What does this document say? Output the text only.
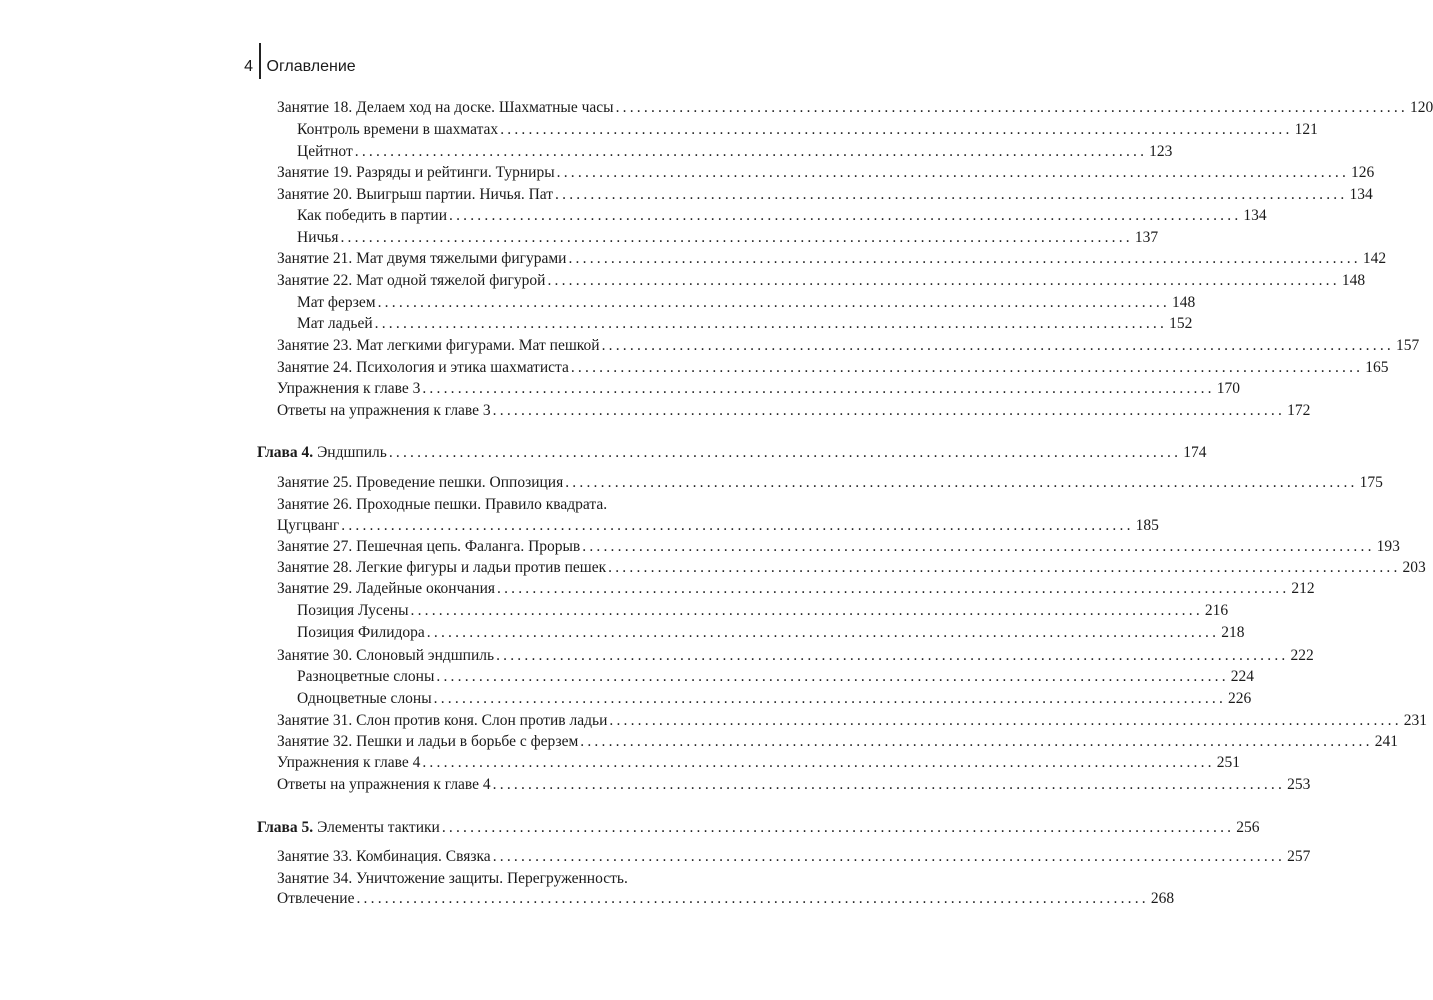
4 Оглавление
Занятие 18. Делаем ход на доске. Шахматные часы ................................................................................................................ 120
Контроль времени в шахматах ................................................................................................................ 121
Цейтнот ................................................................................................................ 123
Занятие 19. Разряды и рейтинги. Турниры ................................................................................................................ 126
Занятие 20. Выигрыш партии. Ничья. Пат ................................................................................................................ 134
Как победить в партии ................................................................................................................ 134
Ничья ................................................................................................................ 137
Занятие 21. Мат двумя тяжелыми фигурами ................................................................................................................ 142
Занятие 22. Мат одной тяжелой фигурой ................................................................................................................ 148
Мат ферзем ................................................................................................................ 148
Мат ладьей ................................................................................................................ 152
Занятие 23. Мат легкими фигурами. Мат пешкой ................................................................................................................ 157
Занятие 24. Психология и этика шахматиста ................................................................................................................ 165
Упражнения к главе 3 ................................................................................................................ 170
Ответы на упражнения к главе 3 ................................................................................................................ 172
Глава 4. Эндшпиль ................................................................................................................ 174
Занятие 25. Проведение пешки. Оппозиция ................................................................................................................ 175
Занятие 26. Проходные пешки. Правило квадрата.
Цугцванг ................................................................................................................ 185
Занятие 27. Пешечная цепь. Фаланга. Прорыв ................................................................................................................ 193
Занятие 28. Легкие фигуры и ладьи против пешек ................................................................................................................ 203
Занятие 29. Ладейные окончания ................................................................................................................ 212
Позиция Лусены ................................................................................................................ 216
Позиция Филидора ................................................................................................................ 218
Занятие 30. Слоновый эндшпиль ................................................................................................................ 222
Разноцветные слоны ................................................................................................................ 224
Одноцветные слоны ................................................................................................................ 226
Занятие 31. Слон против коня. Слон против ладьи ................................................................................................................ 231
Занятие 32. Пешки и ладьи в борьбе с ферзем ................................................................................................................ 241
Упражнения к главе 4 ................................................................................................................ 251
Ответы на упражнения к главе 4 ................................................................................................................ 253
Глава 5. Элементы тактики ................................................................................................................ 256
Занятие 33. Комбинация. Связка ................................................................................................................ 257
Занятие 34. Уничтожение защиты. Перегруженность.
Отвлечение ................................................................................................................ 268
